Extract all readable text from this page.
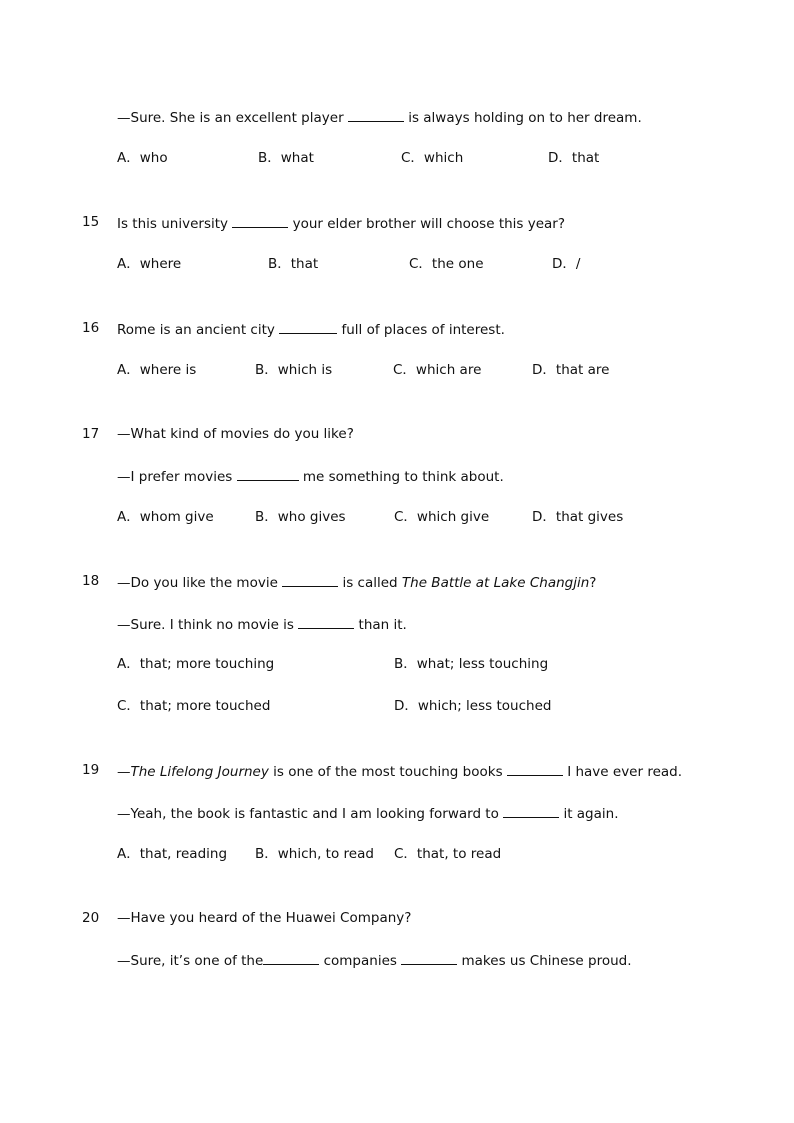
—Sure. She is an excellent player	is always holding on to her dream.
A．who	B．what	C．which	D．that
15 Is this university	your elder brother will choose this year?
A．where	B．that	C．the one	D．/
16 Rome is an ancient city	full of places of interest.
A．where is	B．which is	C．which are	D．that are
17 —What kind of movies do you like?
—I prefer movies	me something to think about.
A．whom give	B．who gives	C．which give	D．that gives
18 —Do you like the movie	is called The Battle at Lake Changjin?
—Sure. I think no movie is	than it.
A．that; more touching	B．what; less touching
C．that; more touched	D．which; less touched
19 —The Lifelong Journey is one of the most touching books	I have ever read.
—Yeah, the book is fantastic and I am looking forward to	it again.
A．that, reading B．which, to read C．that, to read
20 —Have you heard of the Huawei Company?
—Sure, it’s one of the	companies	makes us Chinese proud.
